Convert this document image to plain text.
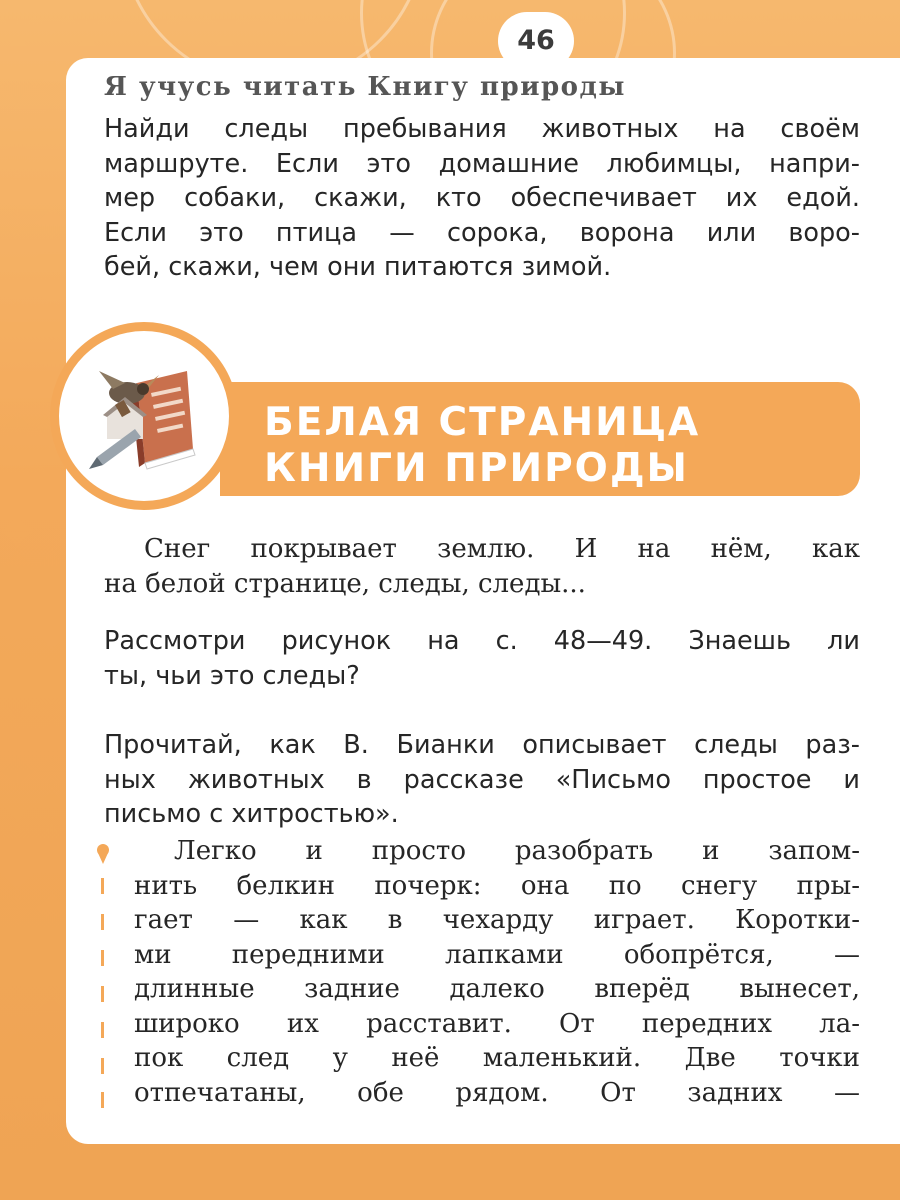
46
Я учусь читать Книгу природы

Найди следы пребывания животных на своём
маршруте. Если это домашние любимцы, напри-
мер собаки, скажи, кто обеспечивает их едой.
Если это птица — сорока, ворона или воро-
бей, скажи, чем они питаются зимой.

БЕЛАЯ СТРАНИЦА
КНИГИ ПРИРОДЫ

Снег покрывает землю. И на нём, как
на белой странице, следы, следы...

Рассмотри рисунок на с. 48—49. Знаешь ли
ты, чьи это следы?

Прочитай, как В. Бианки описывает следы раз-
ных животных в рассказе «Письмо простое и
письмо с хитростью».

Легко и просто разобрать и запом-
нить белкин почерк: она по снегу пры-
гает — как в чехарду играет. Коротки-
ми передними лапками обопрётся, —
длинные задние далеко вперёд вынесет,
широко их расставит. От передних ла-
пок след у неё маленький. Две точки
отпечатаны, обе рядом. От задних —
